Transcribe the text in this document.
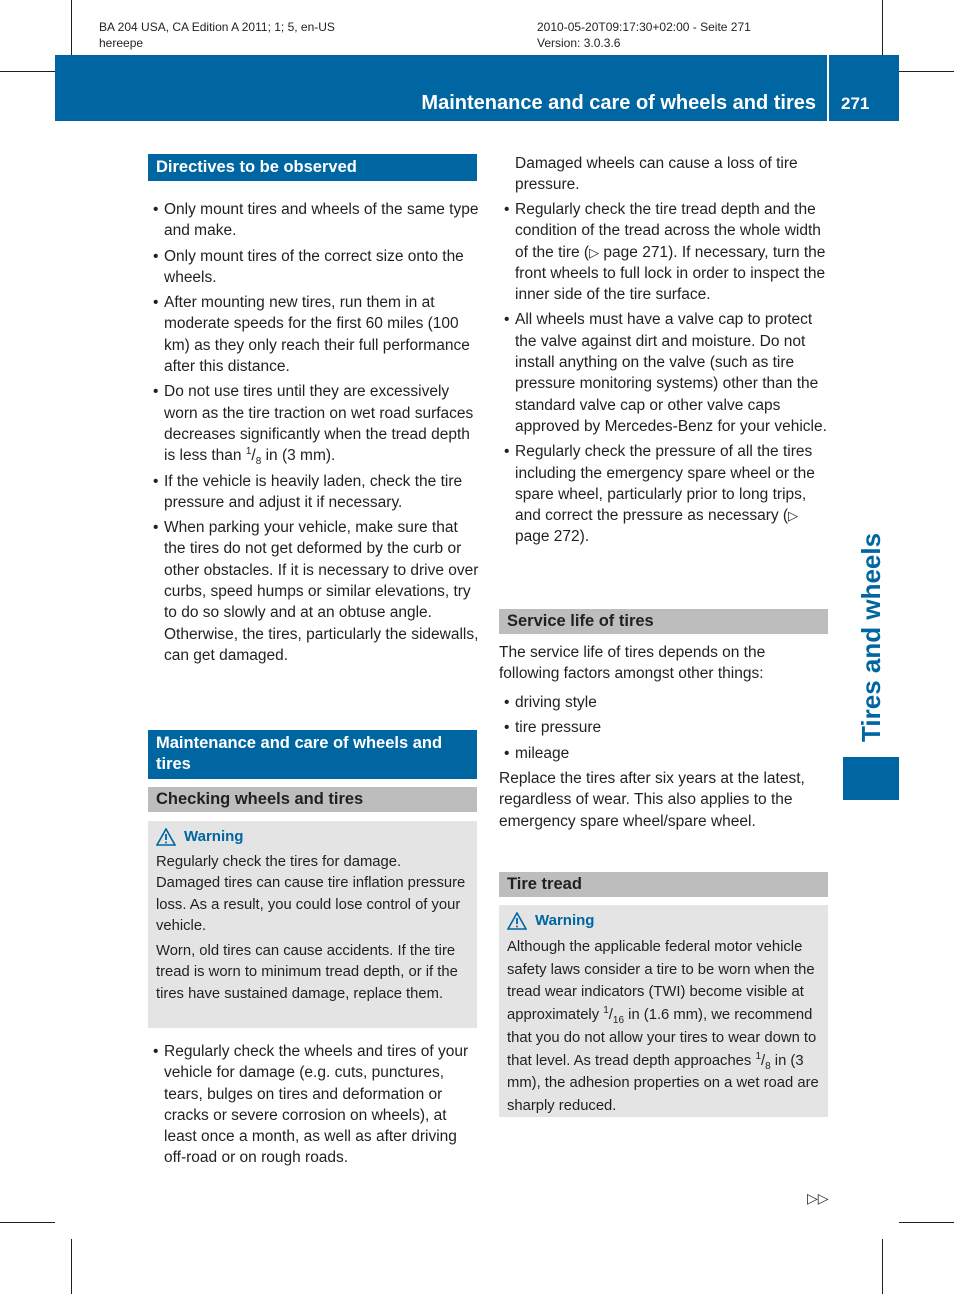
BA 204 USA, CA Edition A 2011; 1; 5, en-US
hereepe
2010-05-20T09:17:30+02:00 - Seite 271
Version: 3.0.3.6
Maintenance and care of wheels and tires 271
Tires and wheels
Directives to be observed
• Only mount tires and wheels of the same type and make.
• Only mount tires of the correct size onto the wheels.
• After mounting new tires, run them in at moderate speeds for the first 60 miles (100 km) as they only reach their full performance after this distance.
• Do not use tires until they are excessively worn as the tire traction on wet road surfaces decreases significantly when the tread depth is less than $^1/_8$ in (3 mm).
• If the vehicle is heavily laden, check the tire pressure and adjust it if necessary.
• When parking your vehicle, make sure that the tires do not get deformed by the curb or other obstacles. If it is necessary to drive over curbs, speed humps or similar elevations, try to do so slowly and at an obtuse angle. Otherwise, the tires, particularly the sidewalls, can get damaged.
Maintenance and care of wheels and tires
Checking wheels and tires
Warning

Regularly check the tires for damage. Damaged tires can cause tire inflation pressure loss. As a result, you could lose control of your vehicle.

Worn, old tires can cause accidents. If the tire tread is worn to minimum tread depth, or if the tires have sustained damage, replace them.

• Regularly check the wheels and tires of your vehicle for damage (e.g. cuts, punctures, tears, bulges on tires and deformation or cracks or severe corrosion on wheels), at least once a month, as well as after driving off-road or on rough roads.
Damaged wheels can cause a loss of tire pressure.
• Regularly check the tire tread depth and the condition of the tread across the whole width of the tire (▷ page 271). If necessary, turn the front wheels to full lock in order to inspect the inner side of the tire surface.
• All wheels must have a valve cap to protect the valve against dirt and moisture. Do not install anything on the valve (such as tire pressure monitoring systems) other than the standard valve cap or other valve caps approved by Mercedes-Benz for your vehicle.
• Regularly check the pressure of all the tires including the emergency spare wheel or the spare wheel, particularly prior to long trips, and correct the pressure as necessary (▷ page 272).
Service life of tires
The service life of tires depends on the following factors amongst other things:
• driving style
• tire pressure
• mileage
Replace the tires after six years at the latest, regardless of wear. This also applies to the emergency spare wheel/spare wheel.
Tire tread
Warning

Although the applicable federal motor vehicle safety laws consider a tire to be worn when the tread wear indicators (TWI) become visible at approximately $^1/_{16}$ in (1.6 mm), we recommend that you do not allow your tires to wear down to that level. As tread depth approaches $^1/_8$ in (3 mm), the adhesion properties on a wet road are sharply reduced.

▷▷
